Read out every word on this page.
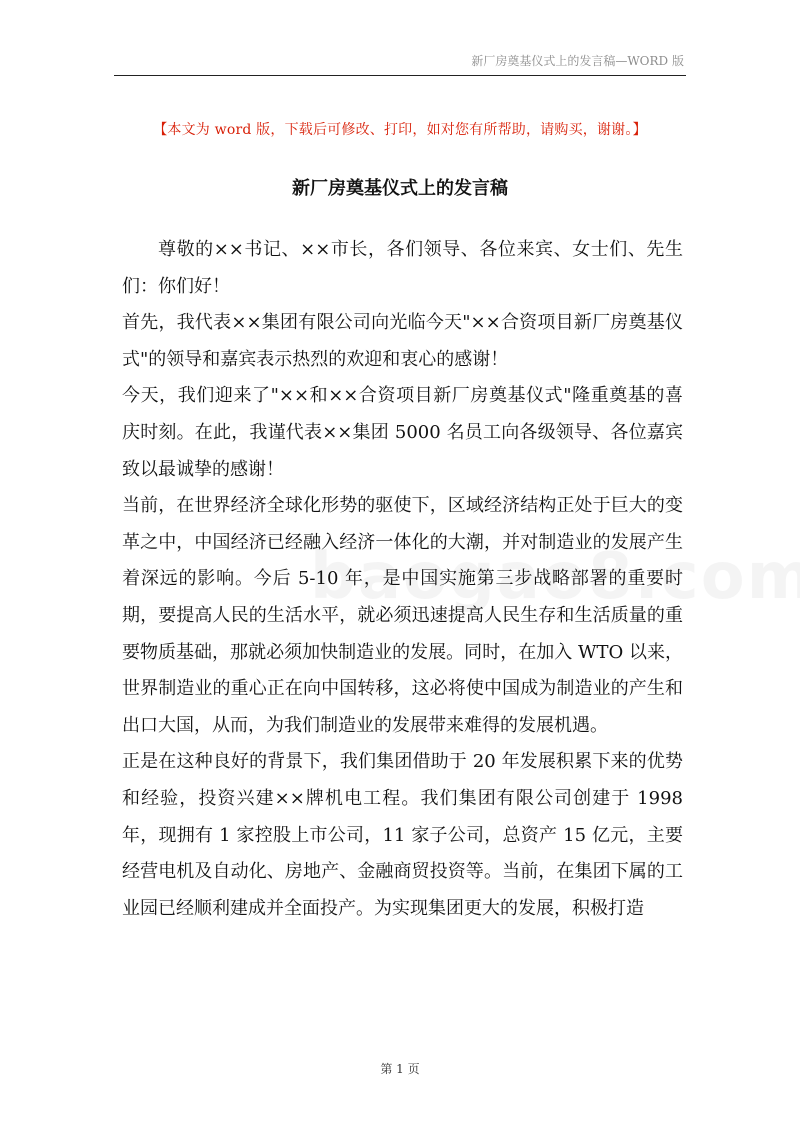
新厂房奠基仪式上的发言稿—WORD 版
【本文为 word 版，下载后可修改、打印，如对您有所帮助，请购买，谢谢。】
新厂房奠基仪式上的发言稿

尊敬的××书记、××市长，各们领导、各位来宾、女士们、先生们：你们好！

首先，我代表××集团有限公司向光临今天"××合资项目新厂房奠基仪式"的领导和嘉宾表示热烈的欢迎和衷心的感谢！

今天，我们迎来了"××和××合资项目新厂房奠基仪式"隆重奠基的喜庆时刻。在此，我谨代表××集团 5000 名员工向各级领导、各位嘉宾致以最诚挚的感谢！

当前，在世界经济全球化形势的驱使下，区域经济结构正处于巨大的变革之中，中国经济已经融入经济一体化的大潮，并对制造业的发展产生着深远的影响。今后 5-10 年，是中国实施第三步战略部署的重要时期，要提高人民的生活水平，就必须迅速提高人民生存和生活质量的重要物质基础，那就必须加快制造业的发展。同时，在加入 WTO 以来，世界制造业的重心正在向中国转移，这必将使中国成为制造业的产生和出口大国，从而，为我们制造业的发展带来难得的发展机遇。

正是在这种良好的背景下，我们集团借助于 20 年发展积累下来的优势和经验，投资兴建××牌机电工程。我们集团有限公司创建于 1998 年，现拥有 1 家控股上市公司，11 家子公司，总资产 15 亿元，主要经营电机及自动化、房地产、金融商贸投资等。当前，在集团下属的工业园已经顺利建成并全面投产。为实现集团更大的发展，积极打造

第 1 页
